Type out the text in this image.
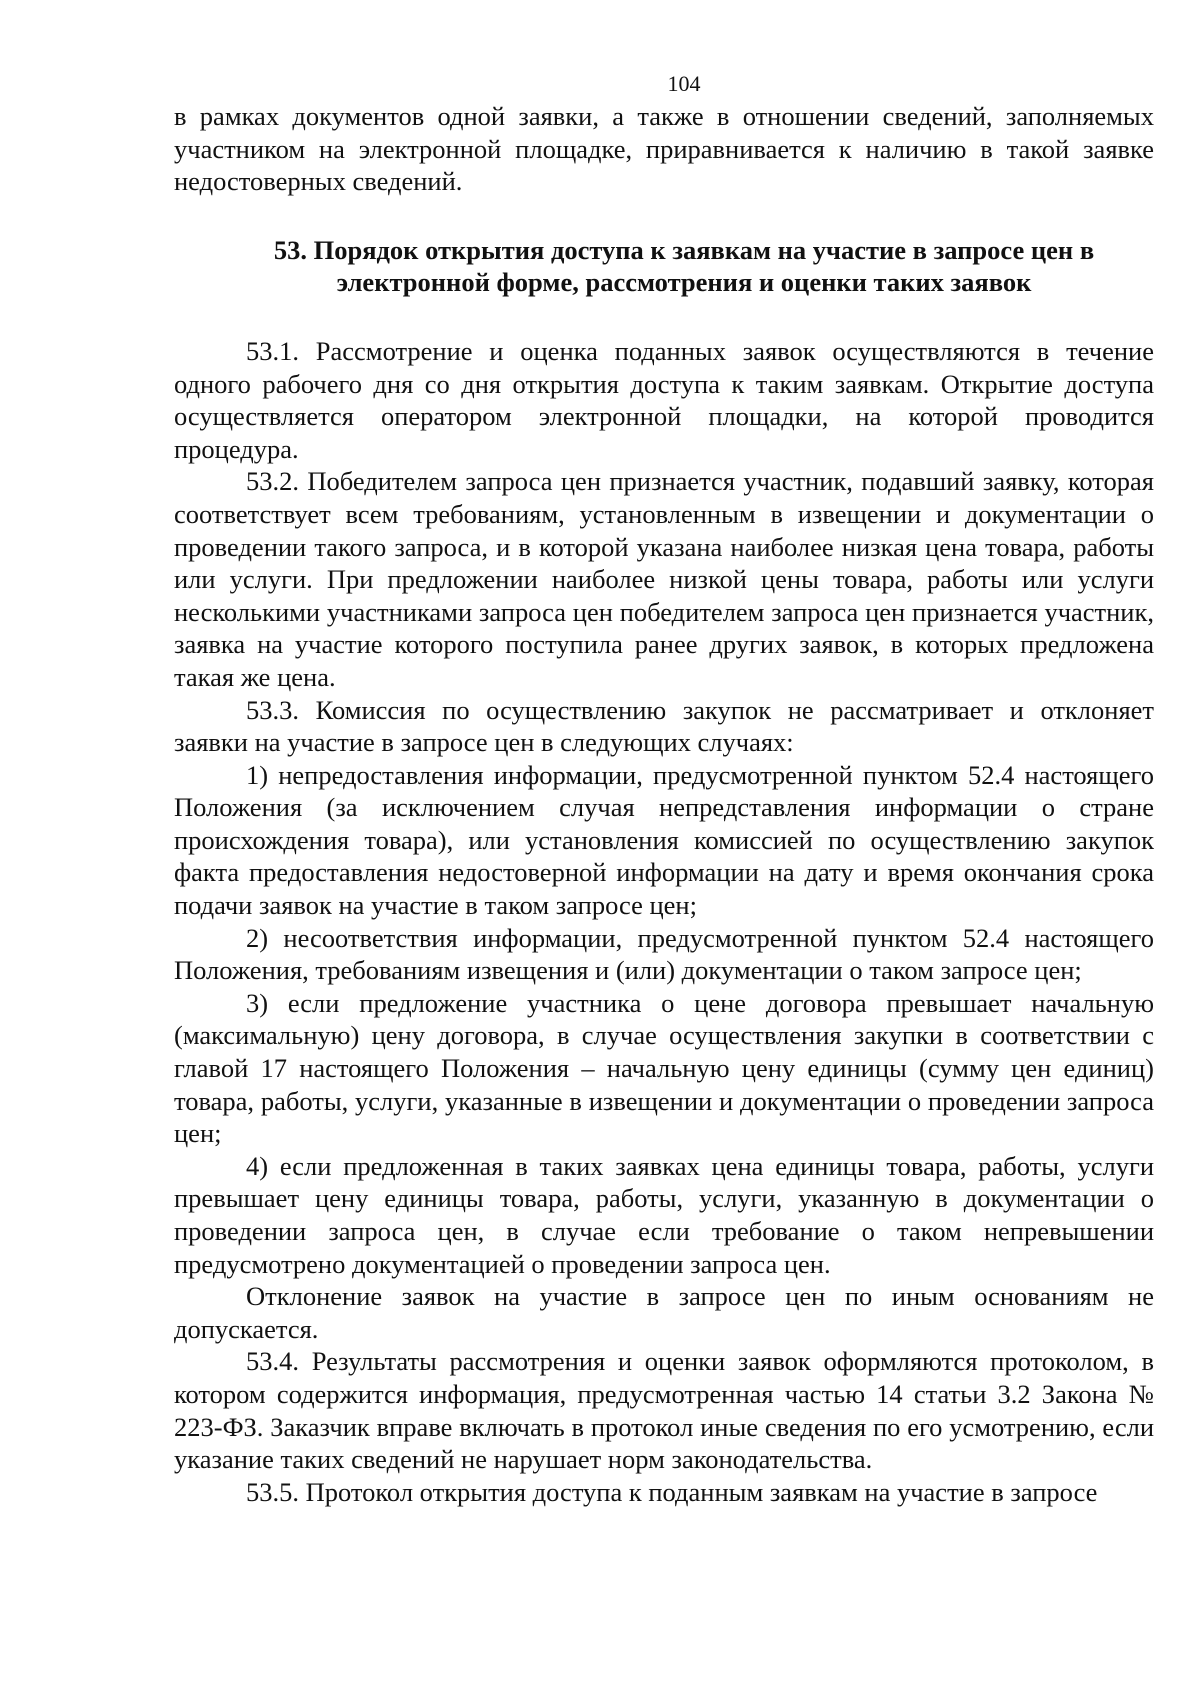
104

в рамках документов одной заявки, а также в отношении сведений, заполняемых участником на электронной площадке, приравнивается к наличию в такой заявке недостоверных сведений.

53. Порядок открытия доступа к заявкам на участие в запросе цен в
электронной форме, рассмотрения и оценки таких заявок

53.1. Рассмотрение и оценка поданных заявок осуществляются в течение одного рабочего дня со дня открытия доступа к таким заявкам. Открытие доступа осуществляется оператором электронной площадки, на которой проводится процедура.

53.2. Победителем запроса цен признается участник, подавший заявку, которая соответствует всем требованиям, установленным в извещении и документации о проведении такого запроса, и в которой указана наиболее низкая цена товара, работы или услуги. При предложении наиболее низкой цены товара, работы или услуги несколькими участниками запроса цен победителем запроса цен признается участник, заявка на участие которого поступила ранее других заявок, в которых предложена такая же цена.

53.3. Комиссия по осуществлению закупок не рассматривает и отклоняет заявки на участие в запросе цен в следующих случаях:

1) непредоставления информации, предусмотренной пунктом 52.4 настоящего Положения (за исключением случая непредставления информации о стране происхождения товара), или установления комиссией по осуществлению закупок факта предоставления недостоверной информации на дату и время окончания срока подачи заявок на участие в таком запросе цен;

2) несоответствия информации, предусмотренной пунктом 52.4 настоящего Положения, требованиям извещения и (или) документации о таком запросе цен;

3) если предложение участника о цене договора превышает начальную (максимальную) цену договора, в случае осуществления закупки в соответствии с главой 17 настоящего Положения – начальную цену единицы (сумму цен единиц) товара, работы, услуги, указанные в извещении и документации о проведении запроса цен;

4) если предложенная в таких заявках цена единицы товара, работы, услуги превышает цену единицы товара, работы, услуги, указанную в документации о проведении запроса цен, в случае если требование о таком непревышении предусмотрено документацией о проведении запроса цен.

Отклонение заявок на участие в запросе цен по иным основаниям не допускается.

53.4. Результаты рассмотрения и оценки заявок оформляются протоколом, в котором содержится информация, предусмотренная частью 14 статьи 3.2 Закона № 223-ФЗ. Заказчик вправе включать в протокол иные сведения по его усмотрению, если указание таких сведений не нарушает норм законодательства.

53.5. Протокол открытия доступа к поданным заявкам на участие в запросе
